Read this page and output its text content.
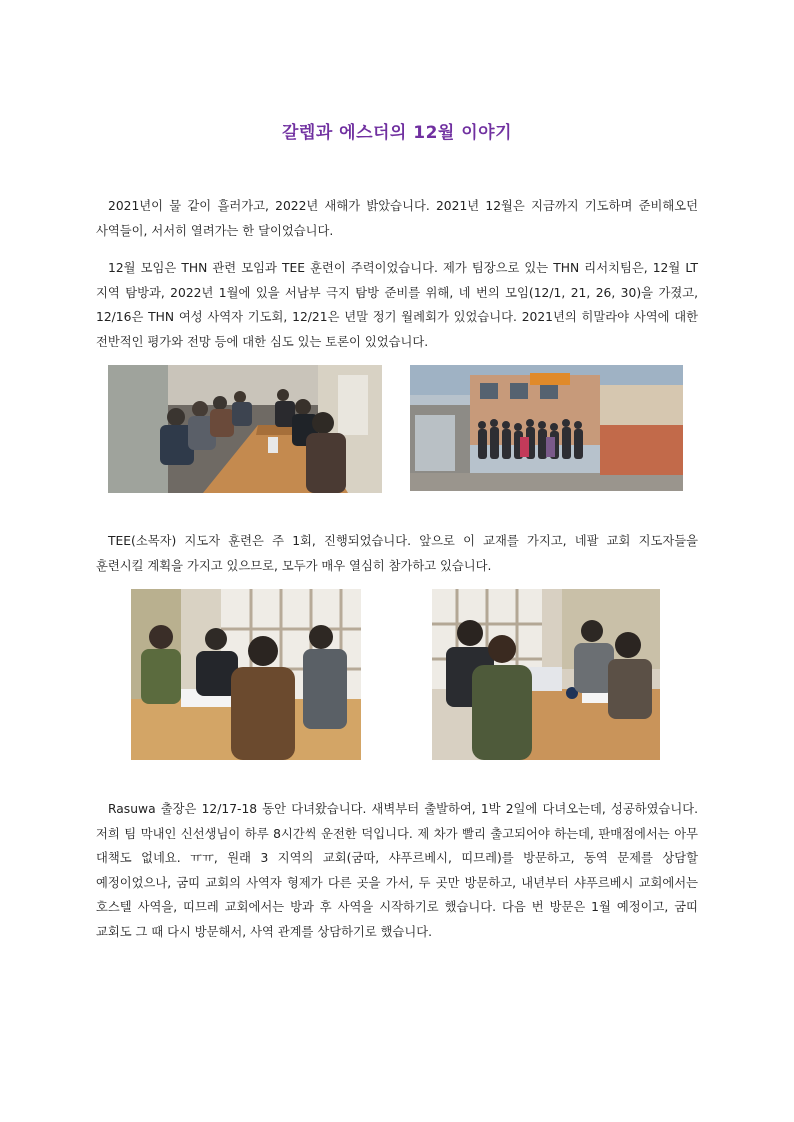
갈렙과 에스더의 12월 이야기

2021년이 물 같이 흘러가고, 2022년 새해가 밝았습니다. 2021년 12월은 지금까지 기도하며 준비해오던 사역들이, 서서히 열려가는 한 달이었습니다.

12월 모임은 THN 관련 모임과 TEE 훈련이 주력이었습니다. 제가 팀장으로 있는 THN 리서치팀은, 12월 LT 지역 탐방과, 2022년 1월에 있을 서남부 극지 탐방 준비를 위해, 네 번의 모임(12/1, 21, 26, 30)을 가졌고, 12/16은 THN 여성 사역자 기도회, 12/21은 년말 정기 월례회가 있었습니다. 2021년의 히말라야 사역에 대한 전반적인 평가와 전망 등에 대한 심도 있는 토론이 있었습니다.

TEE(소목자) 지도자 훈련은 주 1회, 진행되었습니다. 앞으로 이 교재를 가지고, 네팔 교회 지도자들을 훈련시킬 계획을 가지고 있으므로, 모두가 매우 열심히 참가하고 있습니다.

Rasuwa 출장은 12/17-18 동안 다녀왔습니다. 새벽부터 출발하여, 1박 2일에 다녀오는데, 성공하였습니다. 저희 팀 막내인 신선생님이 하루 8시간씩 운전한 덕입니다. 제 차가 빨리 출고되어야 하는데, 판매점에서는 아무 대책도 없네요. ㅠㅠ, 원래 3 지역의 교회(굼따, 샤푸르베시, 띠므레)를 방문하고, 동역 문제를 상담할 예정이었으나, 굼띠 교회의 사역자 형제가 다른 곳을 가서, 두 곳만 방문하고, 내년부터 샤푸르베시 교회에서는 호스텔 사역을, 띠므레 교회에서는 방과 후 사역을 시작하기로 했습니다. 다음 번 방문은 1월 예정이고, 굼띠 교회도 그 때 다시 방문해서, 사역 관계를 상담하기로 했습니다.
